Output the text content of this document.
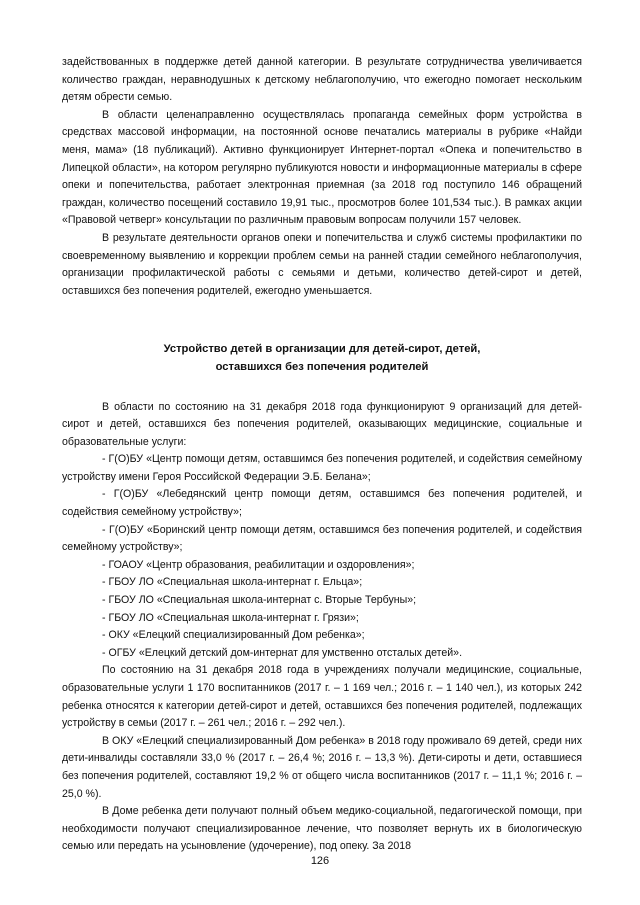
задействованных в поддержке детей данной категории. В результате сотрудничества увеличивается количество граждан, неравнодушных к детскому неблагополучию, что ежегодно помогает нескольким детям обрести семью.

В области целенаправленно осуществлялась пропаганда семейных форм устройства в средствах массовой информации, на постоянной основе печатались материалы в рубрике «Найди меня, мама» (18 публикаций). Активно функционирует Интернет-портал «Опека и попечительство в Липецкой области», на котором регулярно публикуются новости и информационные материалы в сфере опеки и попечительства, работает электронная приемная (за 2018 год поступило 146 обращений граждан, количество посещений составило 19,91 тыс., просмотров более 101,534 тыс.). В рамках акции «Правовой четверг» консультации по различным правовым вопросам получили 157 человек.

В результате деятельности органов опеки и попечительства и служб системы профилактики по своевременному выявлению и коррекции проблем семьи на ранней стадии семейного неблагополучия, организации профилактической работы с семьями и детьми, количество детей-сирот и детей, оставшихся без попечения родителей, ежегодно уменьшается.

Устройство детей в организации для детей-сирот, детей,
оставшихся без попечения родителей

В области по состоянию на 31 декабря 2018 года функционируют 9 организаций для детей-сирот и детей, оставшихся без попечения родителей, оказывающих медицинские, социальные и образовательные услуги:

- Г(О)БУ «Центр помощи детям, оставшимся без попечения родителей, и содействия семейному устройству имени Героя Российской Федерации Э.Б. Белана»;

- Г(О)БУ «Лебедянский центр помощи детям, оставшимся без попечения родителей, и содействия семейному устройству»;

- Г(О)БУ «Боринский центр помощи детям, оставшимся без попечения родителей, и содействия семейному устройству»;

- ГОАОУ «Центр образования, реабилитации и оздоровления»;

- ГБОУ ЛО «Специальная школа-интернат г. Ельца»;

- ГБОУ ЛО «Специальная школа-интернат с. Вторые Тербуны»;

- ГБОУ ЛО «Специальная школа-интернат г. Грязи»;

- ОКУ «Елецкий специализированный Дом ребенка»;

- ОГБУ «Елецкий детский дом-интернат для умственно отсталых детей».

По состоянию на 31 декабря 2018 года в учреждениях получали медицинские, социальные, образовательные услуги 1 170 воспитанников (2017 г. – 1 169 чел.; 2016 г. – 1 140 чел.), из которых 242 ребенка относятся к категории детей-сирот и детей, оставшихся без попечения родителей, подлежащих устройству в семьи (2017 г. – 261 чел.; 2016 г. – 292 чел.).

В ОКУ «Елецкий специализированный Дом ребенка» в 2018 году проживало 69 детей, среди них дети-инвалиды составляли 33,0 % (2017 г. – 26,4 %; 2016 г. – 13,3 %). Дети-сироты и дети, оставшиеся без попечения родителей, составляют 19,2 % от общего числа воспитанников (2017 г. – 11,1 %; 2016 г. – 25,0 %).

В Доме ребенка дети получают полный объем медико-социальной, педагогической помощи, при необходимости получают специализированное лечение, что позволяет вернуть их в биологическую семью или передать на усыновление (удочерение), под опеку. За 2018

126
